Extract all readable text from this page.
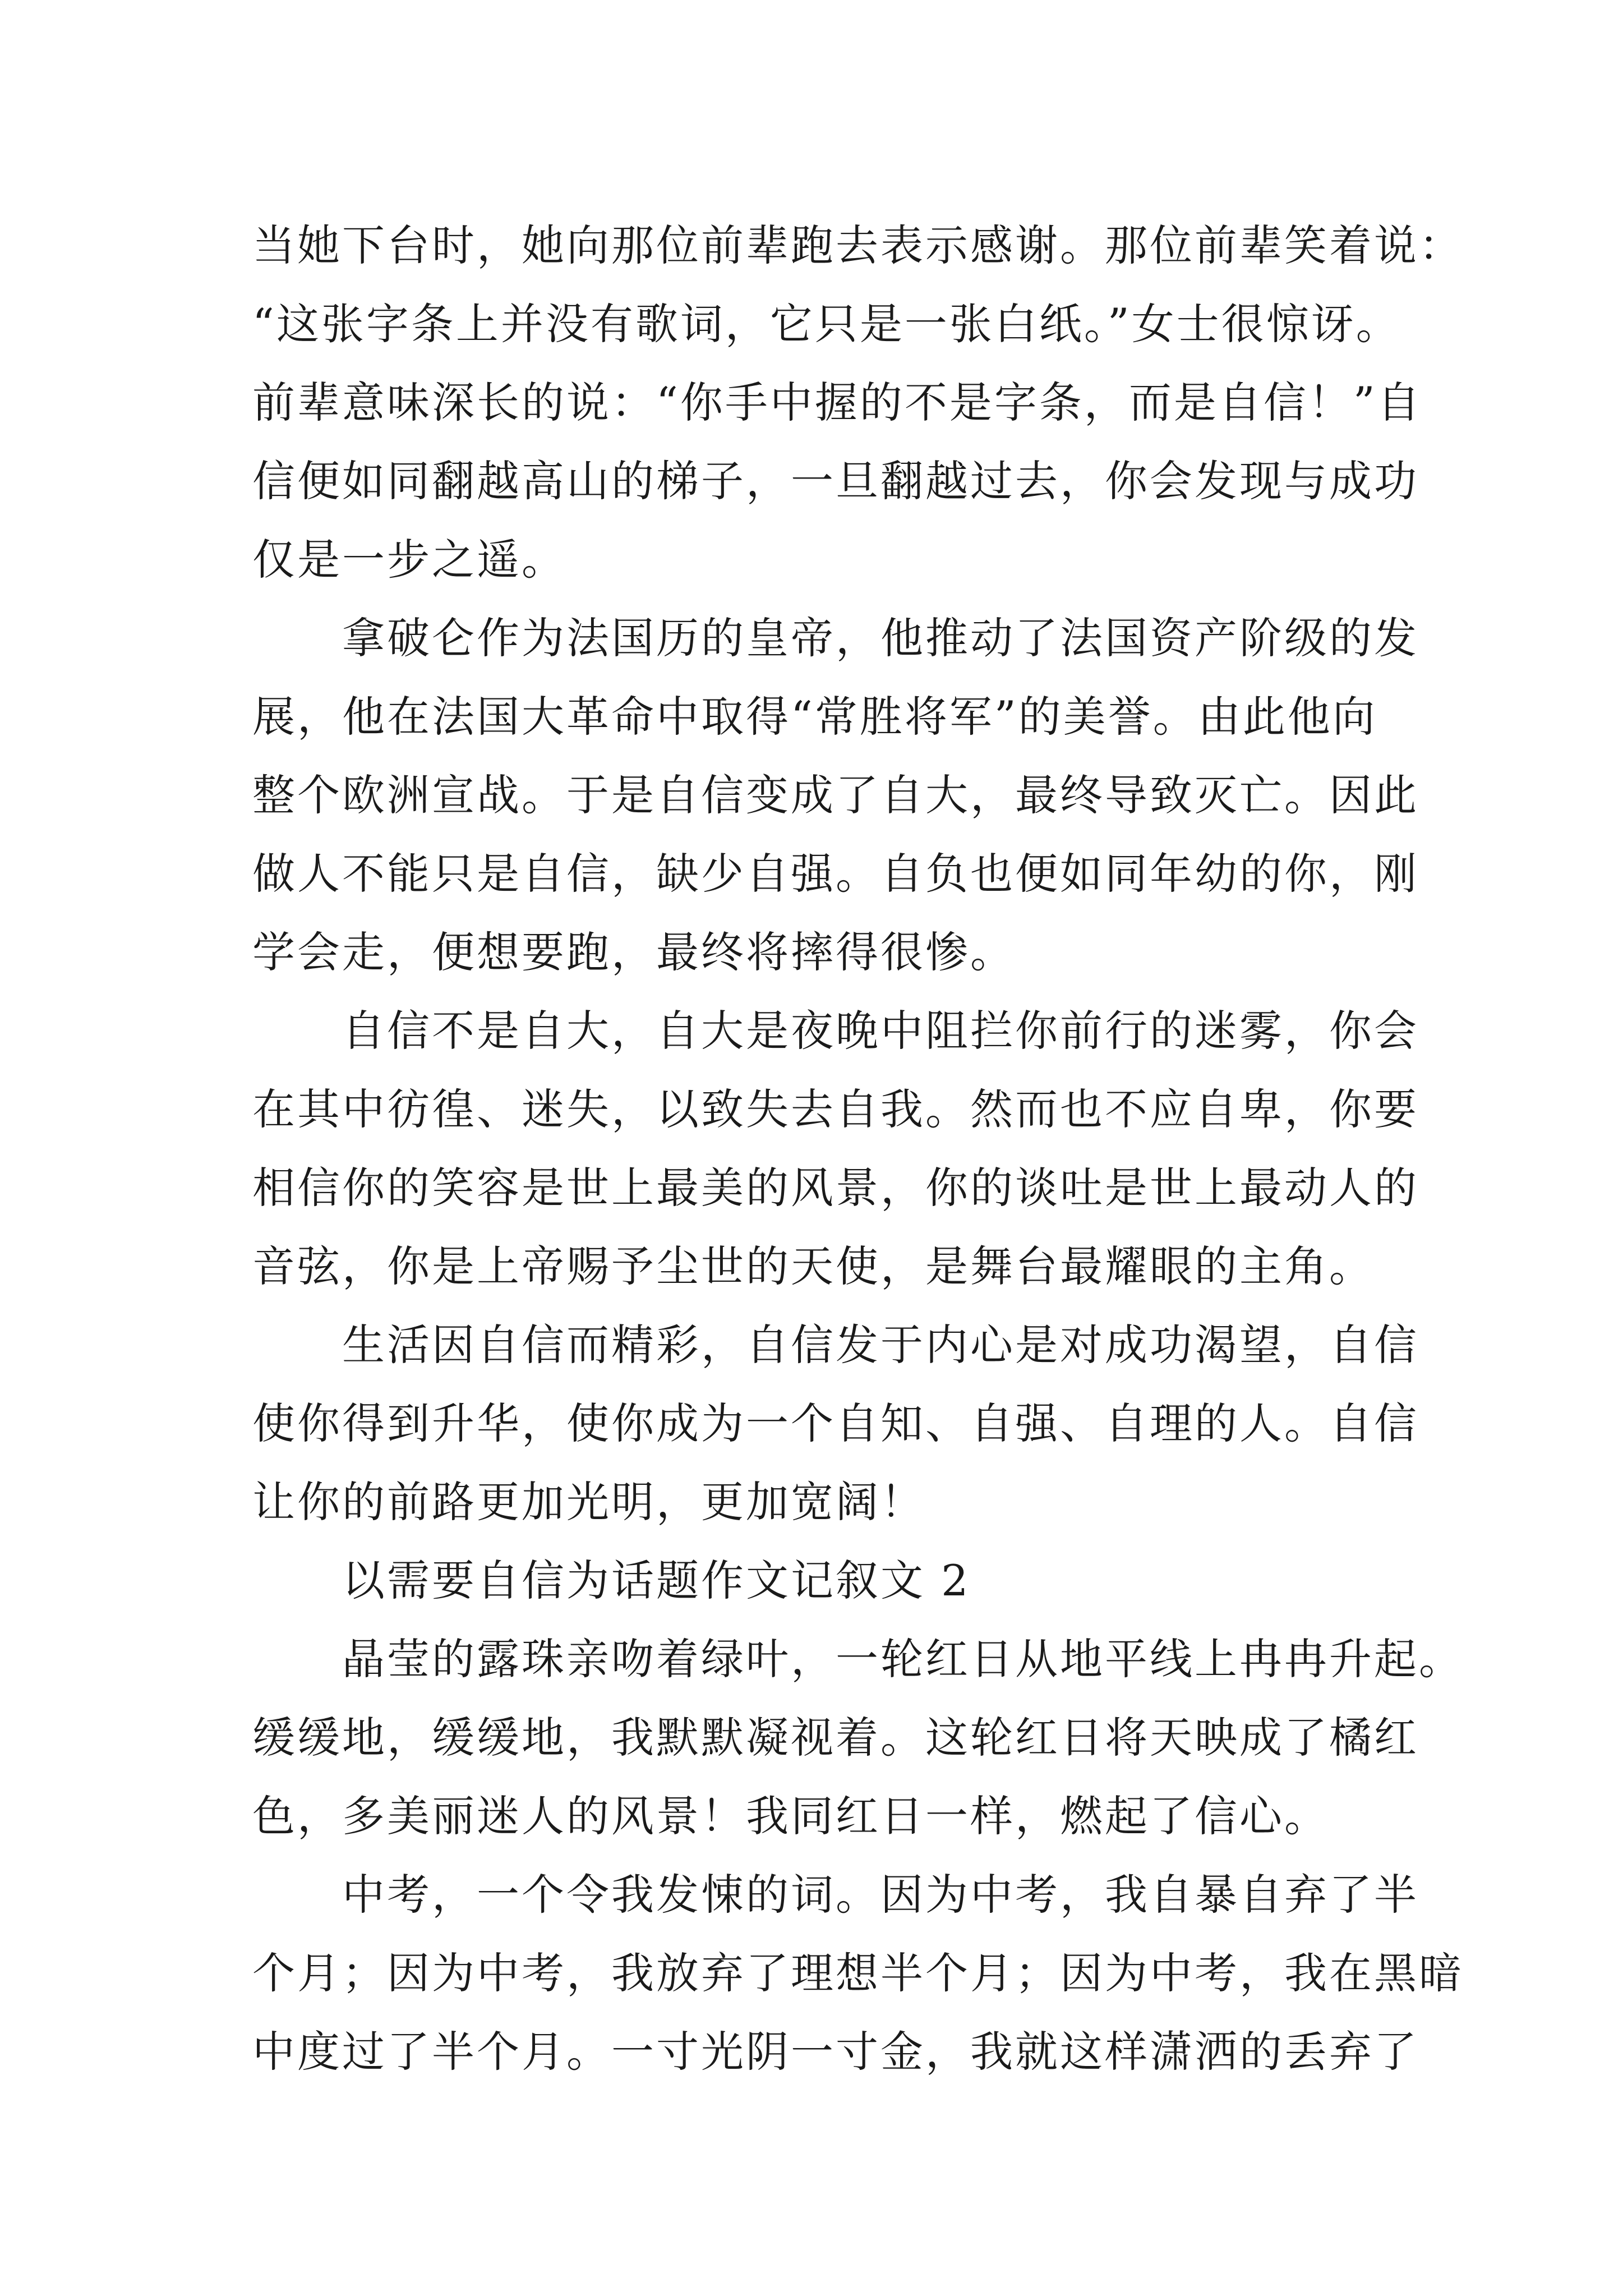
当她下台时，她向那位前辈跑去表示感谢。那位前辈笑着说：
“这张字条上并没有歌词，它只是一张白纸。”女士很惊讶。
前辈意味深长的说：“你手中握的不是字条，而是自信！”自
信便如同翻越高山的梯子，一旦翻越过去，你会发现与成功
仅是一步之遥。
拿破仑作为法国历的皇帝，他推动了法国资产阶级的发
展，他在法国大革命中取得“常胜将军”的美誉。由此他向
整个欧洲宣战。于是自信变成了自大，最终导致灭亡。因此
做人不能只是自信，缺少自强。自负也便如同年幼的你，刚
学会走，便想要跑，最终将摔得很惨。
自信不是自大，自大是夜晚中阻拦你前行的迷雾，你会
在其中彷徨、迷失，以致失去自我。然而也不应自卑，你要
相信你的笑容是世上最美的风景，你的谈吐是世上最动人的
音弦，你是上帝赐予尘世的天使，是舞台最耀眼的主角。
生活因自信而精彩，自信发于内心是对成功渴望，自信
使你得到升华，使你成为一个自知、自强、自理的人。自信
让你的前路更加光明，更加宽阔！
以需要自信为话题作文记叙文 2
晶莹的露珠亲吻着绿叶，一轮红日从地平线上冉冉升起。
缓缓地，缓缓地，我默默凝视着。这轮红日将天映成了橘红
色，多美丽迷人的风景！我同红日一样，燃起了信心。
中考，一个令我发悚的词。因为中考，我自暴自弃了半
个月；因为中考，我放弃了理想半个月；因为中考，我在黑暗
中度过了半个月。一寸光阴一寸金，我就这样潇洒的丢弃了
